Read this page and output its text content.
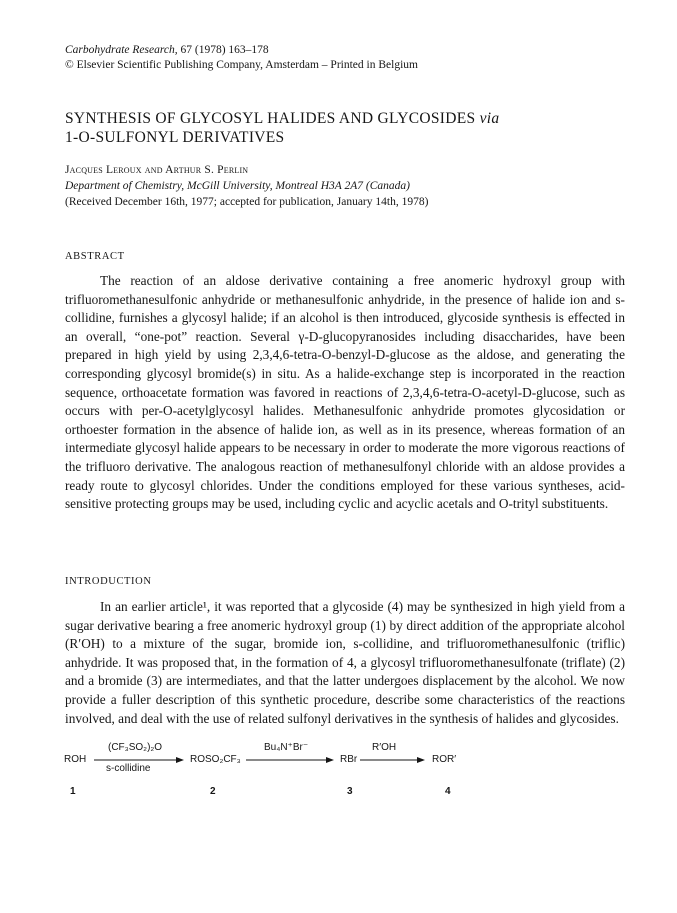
Carbohydrate Research, 67 (1978) 163–178
© Elsevier Scientific Publishing Company, Amsterdam – Printed in Belgium
SYNTHESIS OF GLYCOSYL HALIDES AND GLYCOSIDES via
1-O-SULFONYL DERIVATIVES
Jacques Leroux and Arthur S. Perlin
Department of Chemistry, McGill University, Montreal H3A 2A7 (Canada)
(Received December 16th, 1977; accepted for publication, January 14th, 1978)
ABSTRACT

The reaction of an aldose derivative containing a free anomeric hydroxyl group with trifluoromethanesulfonic anhydride or methanesulfonic anhydride, in the presence of halide ion and s-collidine, furnishes a glycosyl halide; if an alcohol is then introduced, glycoside synthesis is effected in an overall, “one-pot” reaction. Several γ-D-glucopyranosides including disaccharides, have been prepared in high yield by using 2,3,4,6-tetra-O-benzyl-D-glucose as the aldose, and generating the corresponding glycosyl bromide(s) in situ. As a halide-exchange step is incorporated in the reaction sequence, orthoacetate formation was favored in reactions of 2,3,4,6-tetra-O-acetyl-D-glucose, such as occurs with per-O-acetylglycosyl halides. Methanesulfonic anhydride promotes glycosidation or orthoester formation in the absence of halide ion, as well as in its presence, whereas formation of an intermediate glycosyl halide appears to be necessary in order to moderate the more vigorous reactions of the trifluoro derivative. The analogous reaction of methanesulfonyl chloride with an aldose provides a ready route to glycosyl chlorides. Under the conditions employed for these various syntheses, acid-sensitive protecting groups may be used, including cyclic and acyclic acetals and O-trityl substituents.

INTRODUCTION

In an earlier article¹, it was reported that a glycoside (4) may be synthesized in high yield from a sugar derivative bearing a free anomeric hydroxyl group (1) by direct addition of the appropriate alcohol (R′OH) to a mixture of the sugar, bromide ion, s-collidine, and trifluoromethanesulfonic (triflic) anhydride. It was proposed that, in the formation of 4, a glycosyl trifluoromethanesulfonate (triflate) (2) and a bromide (3) are intermediates, and that the latter undergoes displacement by the alcohol. We now provide a fuller description of this synthetic procedure, describe some characteristics of the reactions involved, and deal with the use of related sulfonyl derivatives in the synthesis of halides and glycosides.

ROH
(CF₃SO₂)₂O
s-collidine
ROSO₂CF₃
Bu₄N⁺Br⁻
RBr
R′OH
ROR′
1	2	3	4
